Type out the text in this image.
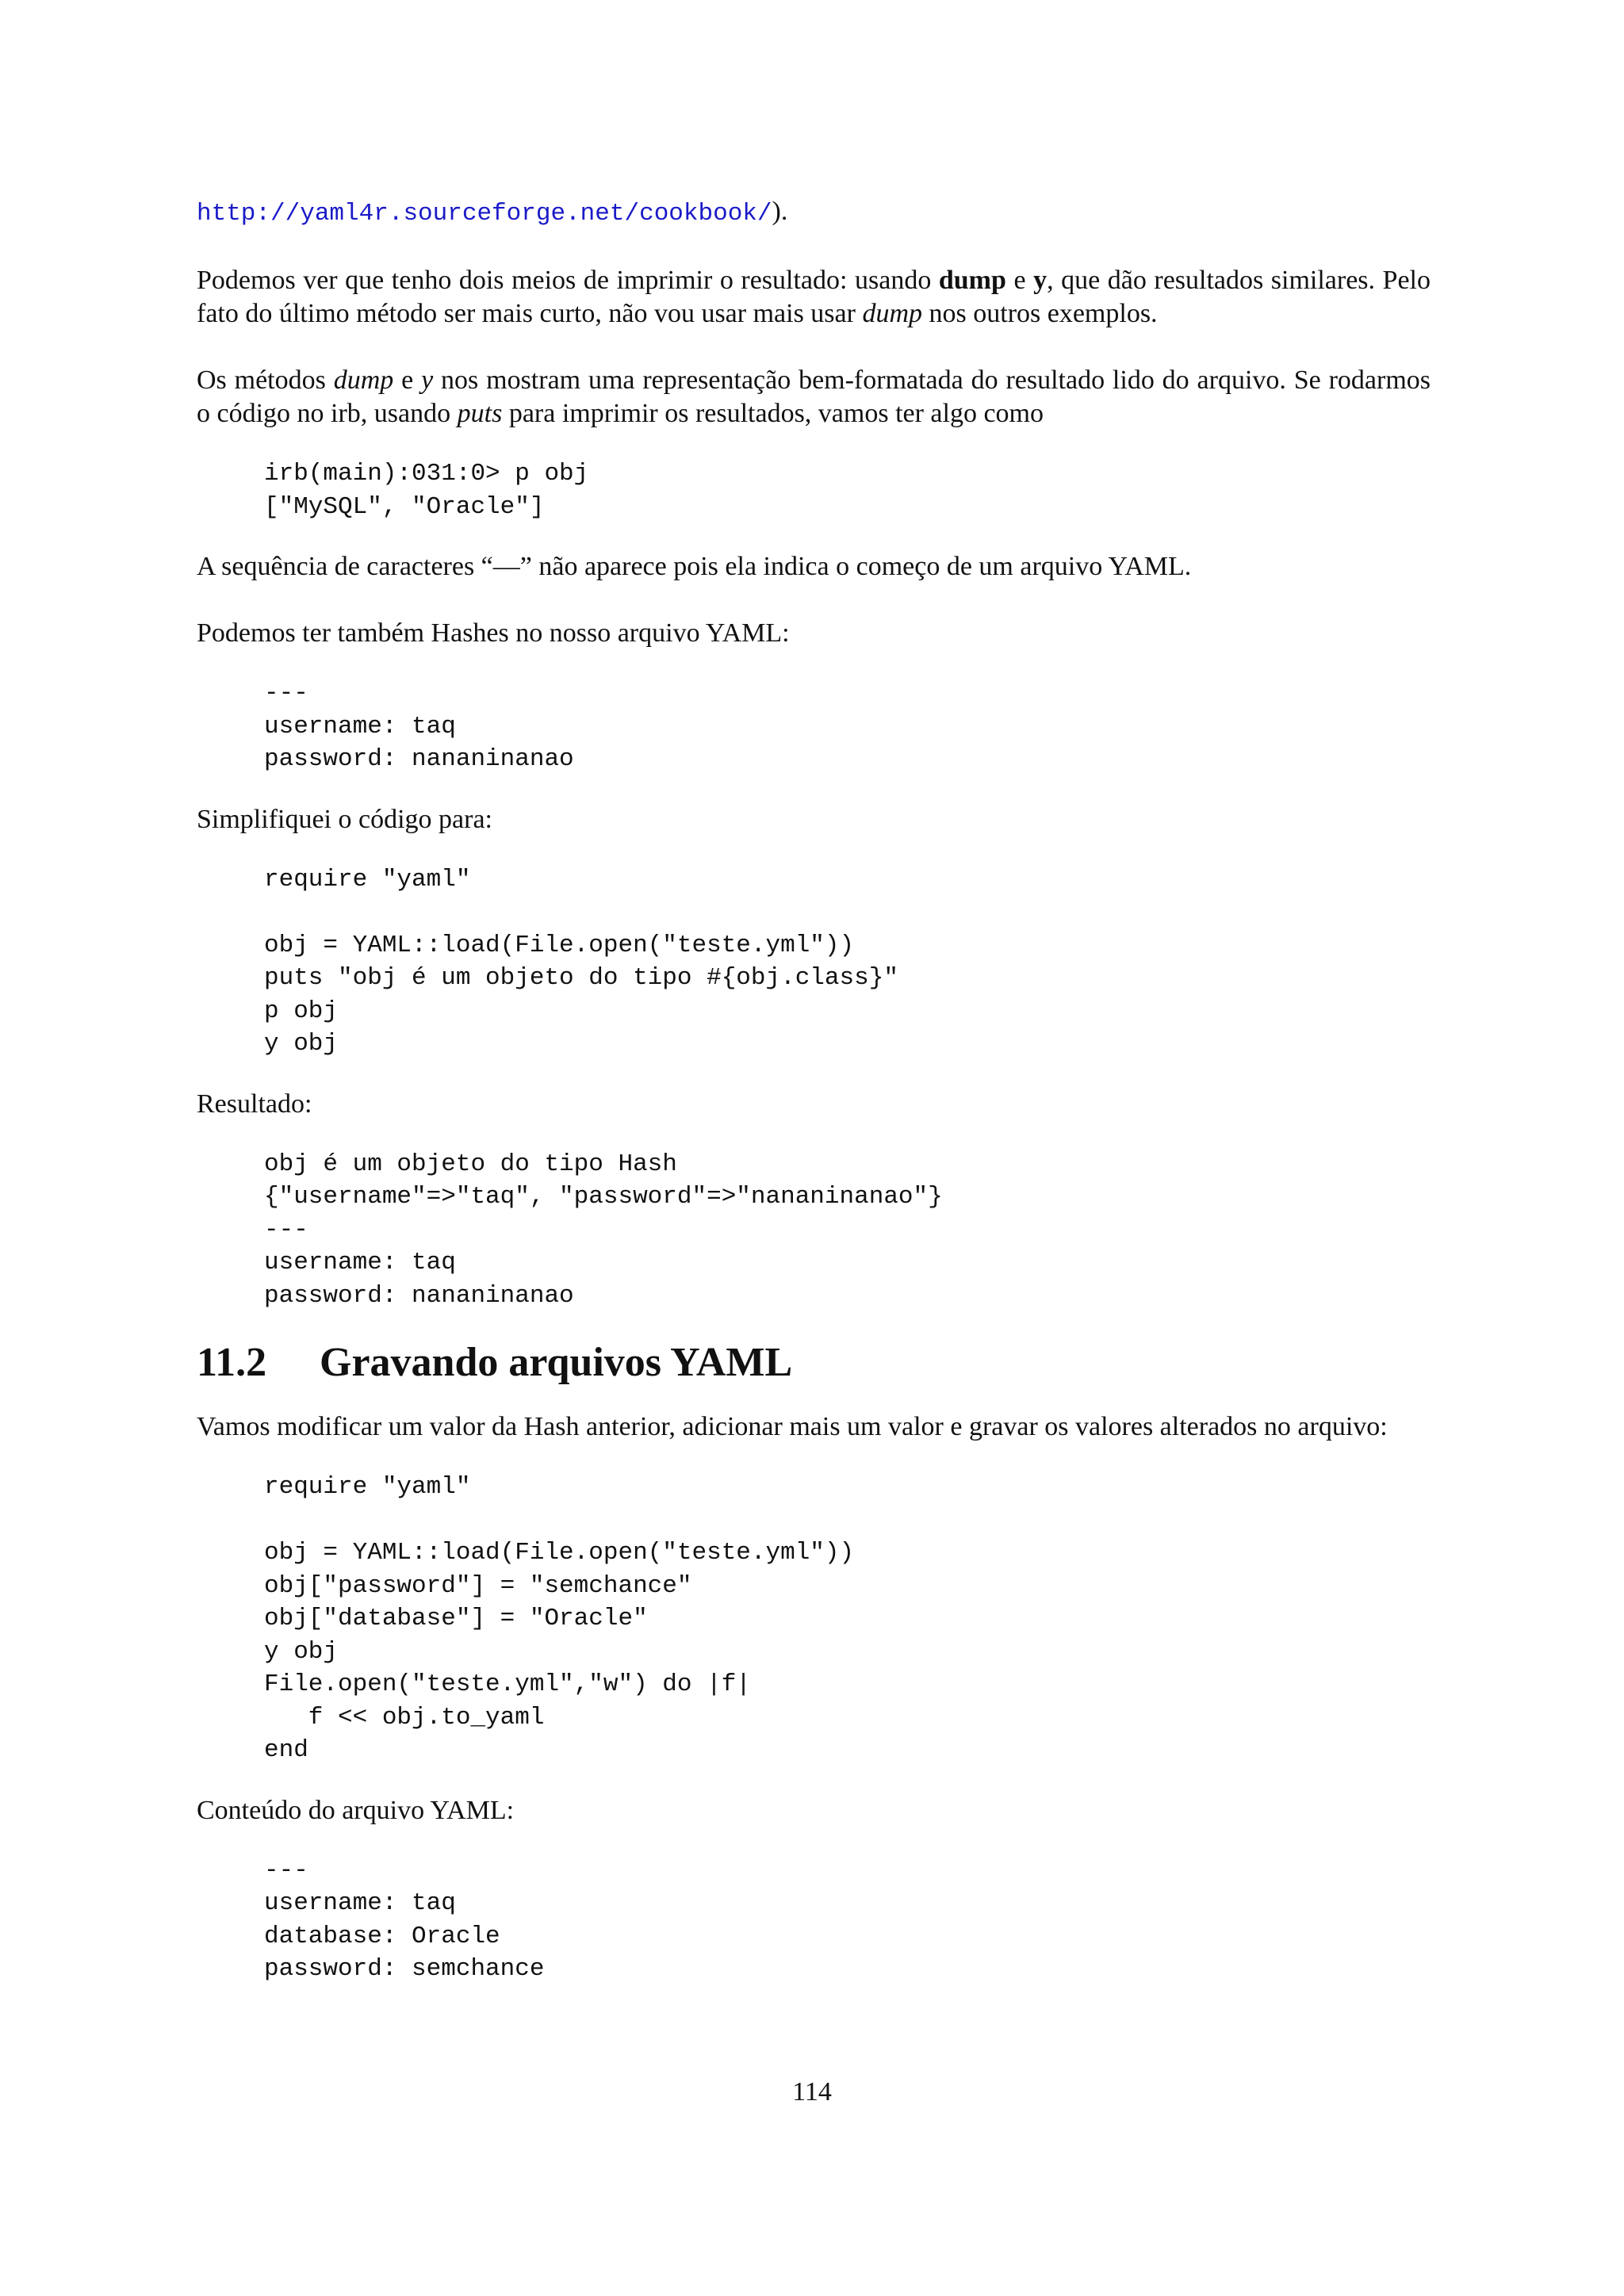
http://yaml4r.sourceforge.net/cookbook/).

Podemos ver que tenho dois meios de imprimir o resultado: usando dump e y, que dão resultados similares. Pelo fato do último método ser mais curto, não vou usar mais usar dump nos outros exemplos.

Os métodos dump e y nos mostram uma representação bem-formatada do resultado lido do arquivo. Se rodarmos o código no irb, usando puts para imprimir os resultados, vamos ter algo como

irb(main):031:0> p obj
["MySQL", "Oracle"]

A sequência de caracteres “—” não aparece pois ela indica o começo de um arquivo YAML.

Podemos ter também Hashes no nosso arquivo YAML:

---
username: taq
password: nananinanao

Simplifiquei o código para:

require "yaml"
obj = YAML::load(File.open("teste.yml"))
puts "obj é um objeto do tipo #{obj.class}"
p obj
y obj

Resultado:

obj é um objeto do tipo Hash
{"username"=>"taq", "password"=>"nananinanao"}
---
username: taq
password: nananinanao
11.2 Gravando arquivos YAML

Vamos modificar um valor da Hash anterior, adicionar mais um valor e gravar os valores alterados no arquivo:

require "yaml"
obj = YAML::load(File.open("teste.yml"))
obj["password"] = "semchance"
obj["database"] = "Oracle"
y obj
File.open("teste.yml","w") do |f|
f << obj.to_yaml
end

Conteúdo do arquivo YAML:

---
username: taq
database: Oracle
password: semchance
114
